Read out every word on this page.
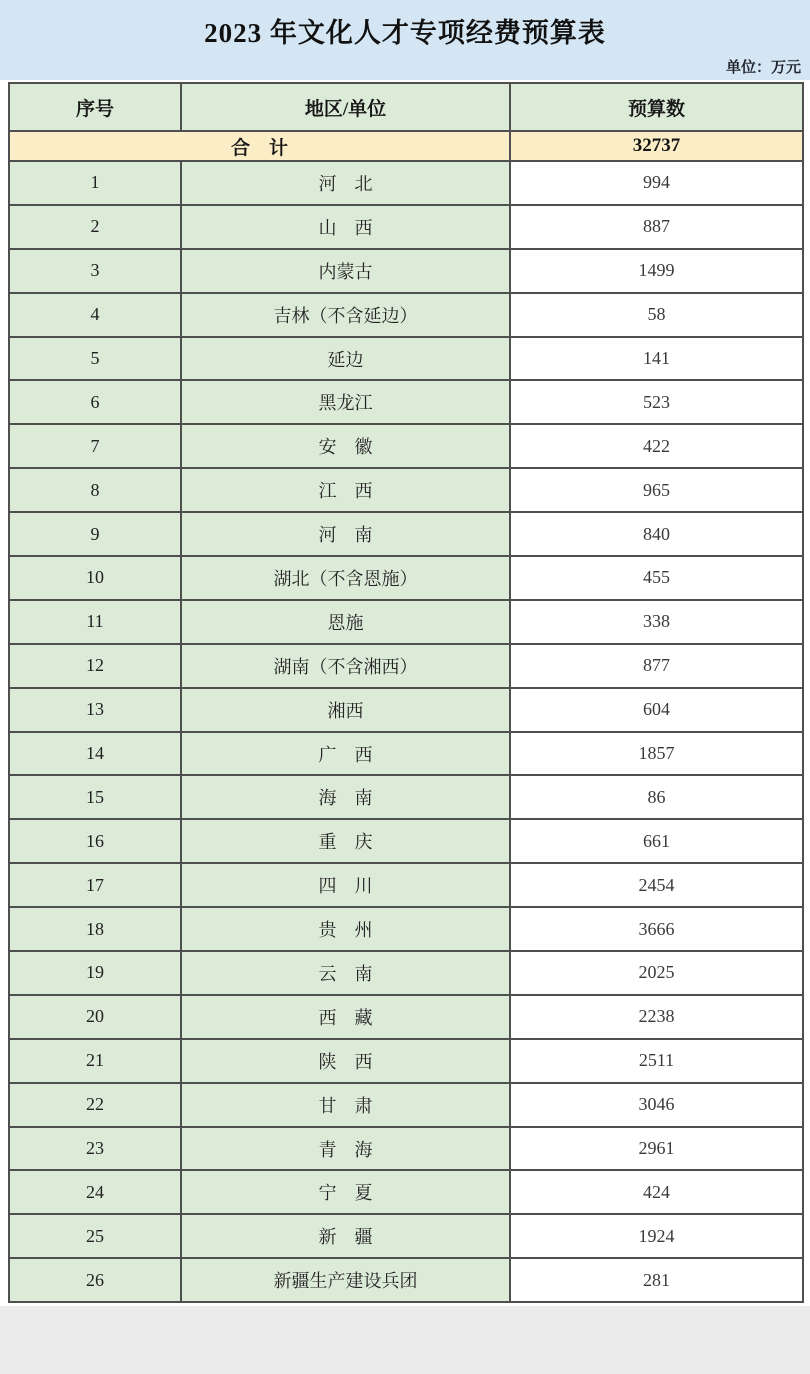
2023 年文化人才专项经费预算表
单位：万元
序号	地区/单位	预算数
合　计		32737
1	河　北	994
2	山　西	887
3	内蒙古	1499
4	吉林（不含延边）	58
5	延边	141
6	黑龙江	523
7	安　徽	422
8	江　西	965
9	河　南	840
10	湖北（不含恩施）	455
11	恩施	338
12	湖南（不含湘西）	877
13	湘西	604
14	广　西	1857
15	海　南	86
16	重　庆	661
17	四　川	2454
18	贵　州	3666
19	云　南	2025
20	西　藏	2238
21	陕　西	2511
22	甘　肃	3046
23	青　海	2961
24	宁　夏	424
25	新　疆	1924
26	新疆生产建设兵团	281
